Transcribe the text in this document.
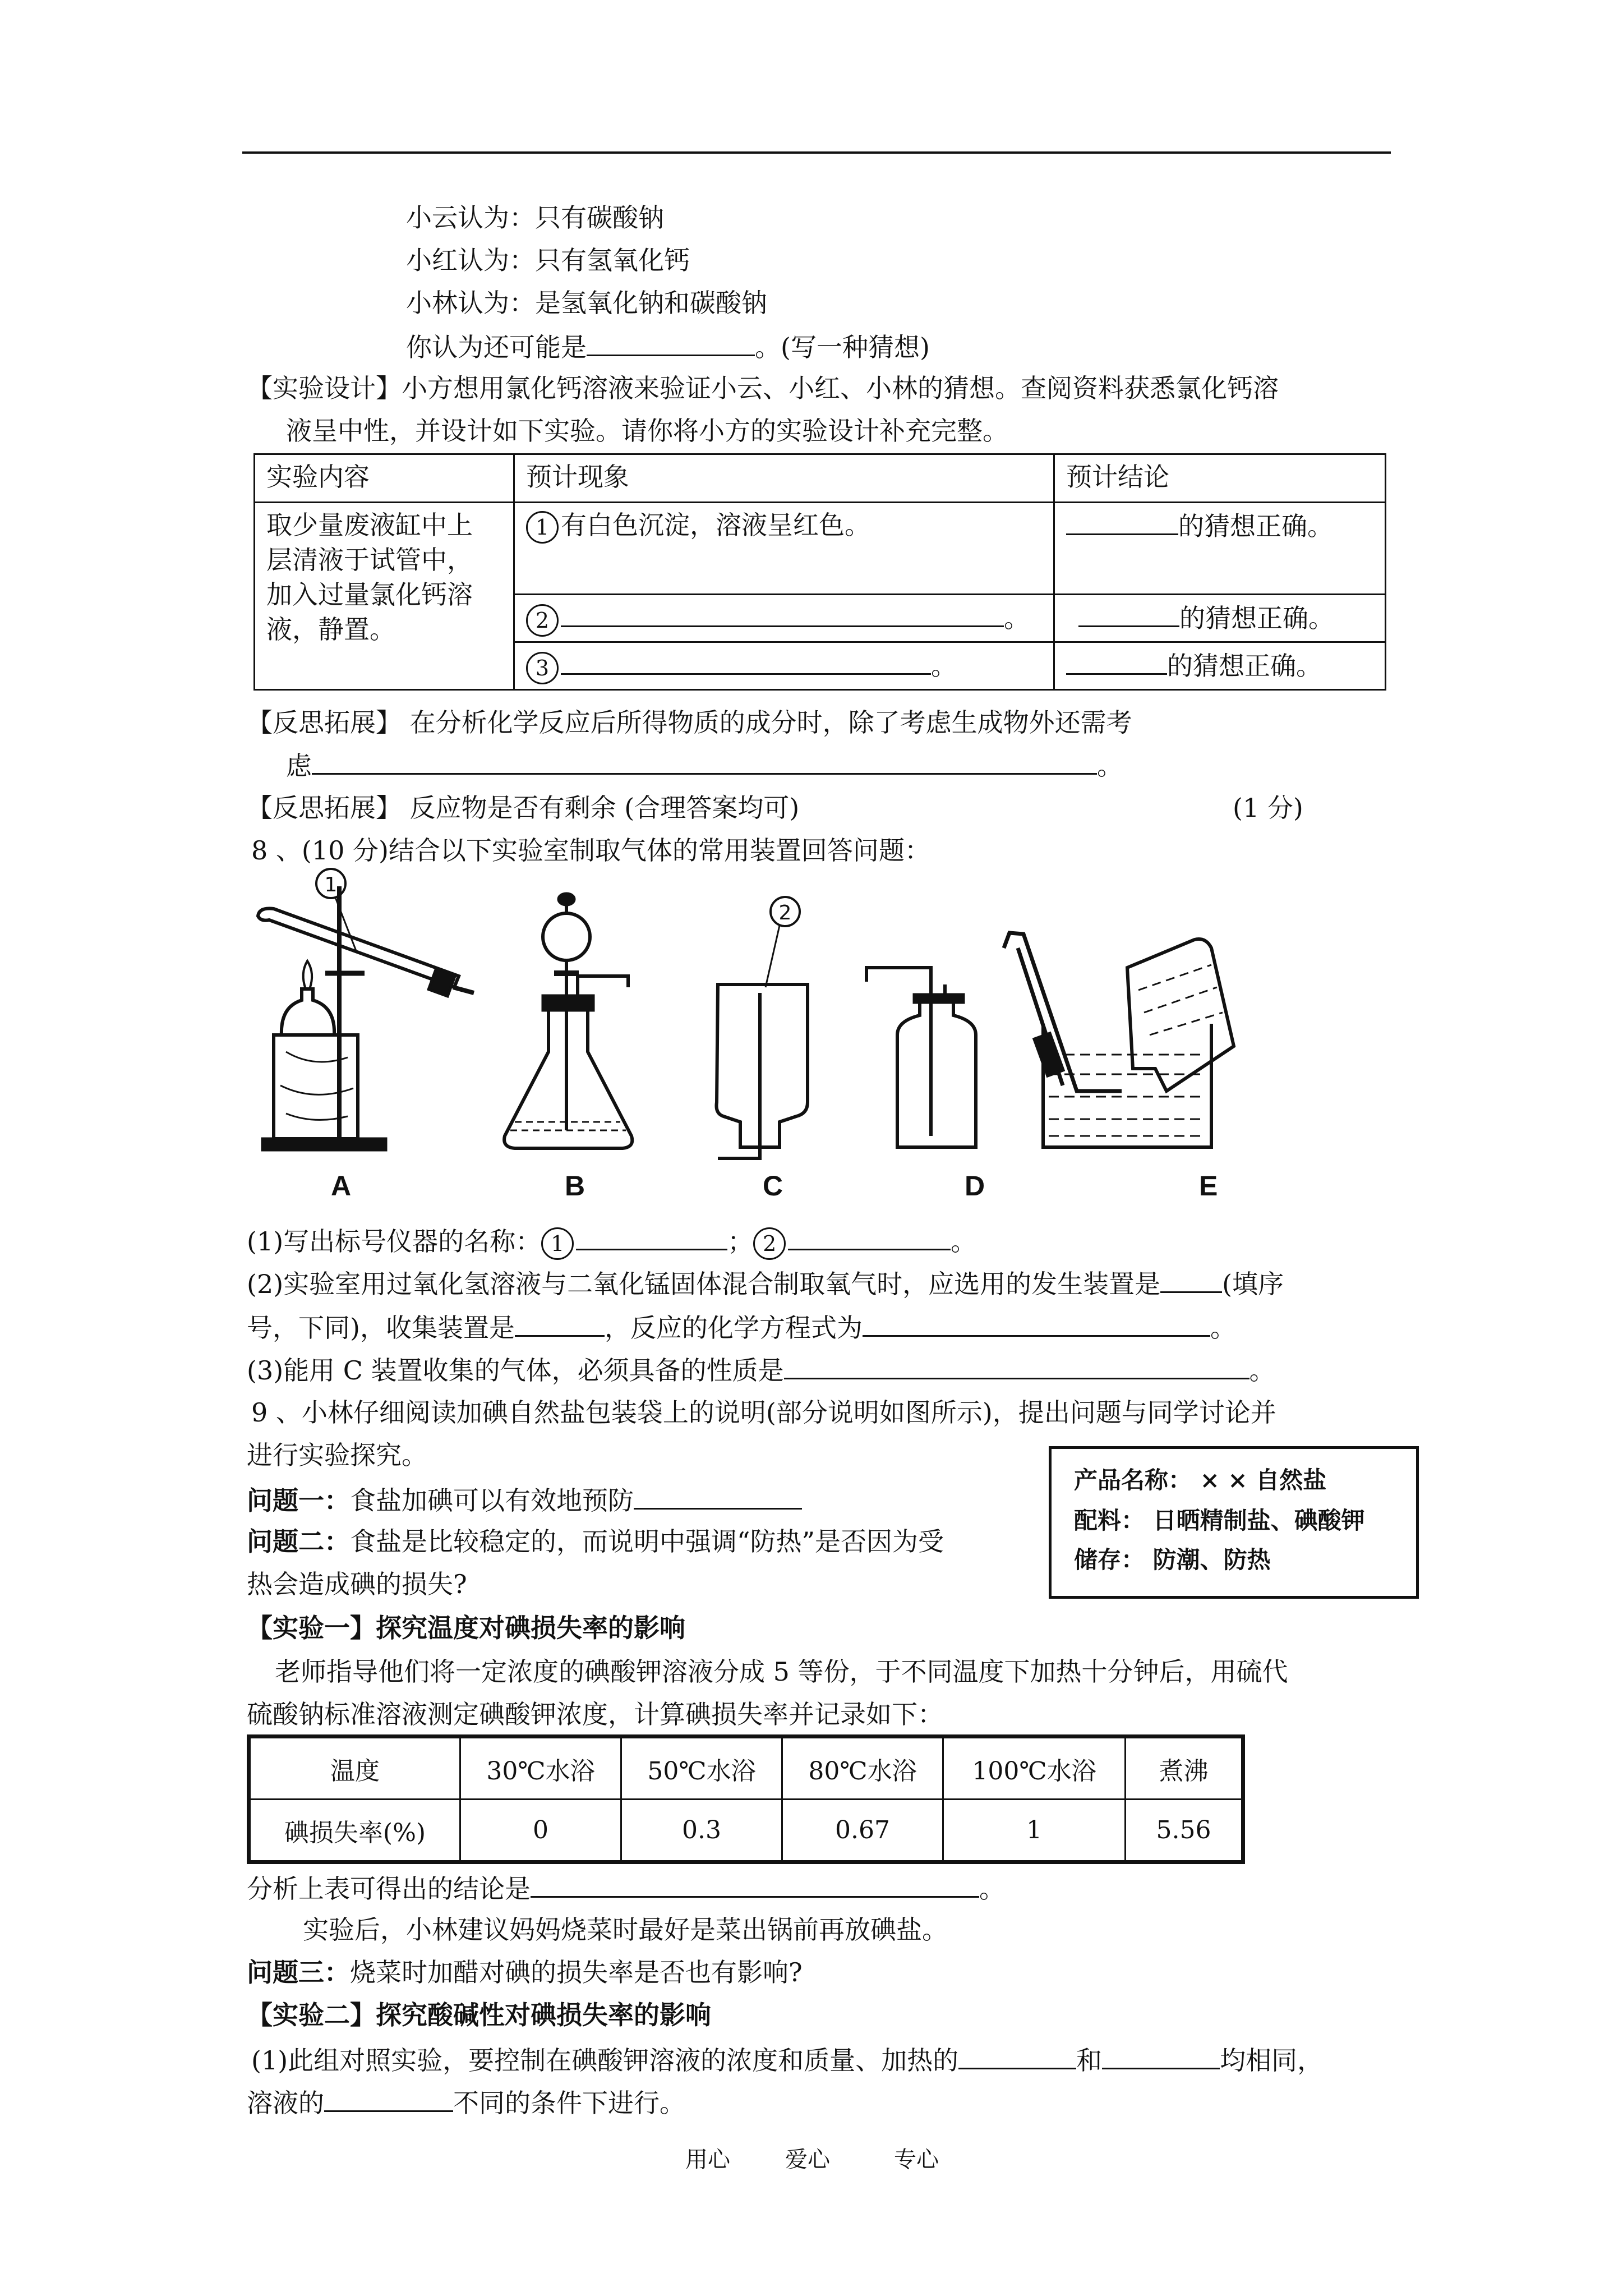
小云认为：只有碳酸钠
小红认为：只有氢氧化钙
小林认为：是氢氧化钠和碳酸钠
你认为还可能是	。(写一种猜想)
【实验设计】小方想用氯化钙溶液来验证小云、小红、小林的猜想。查阅资料获悉氯化钙溶
液呈中性，并设计如下实验。请你将小方的实验设计补充完整。
实验内容	预计现象	预计结论

取少量废液缸中上
层清液于试管中，
加入过量氯化钙溶
液，静置。	1 有白色沉淀，溶液呈红色。	的猜想正确。
	2 。	的猜想正确。
	3 。	的猜想正确。
【反思拓展】 在分析化学反应后所得物质的成分时，除了考虑生成物外还需考
虑	。
【反思拓展】 反应物是否有剩余 (合理答案均可)	(1 分)
8 、(10 分)结合以下实验室制取气体的常用装置回答问题：
1
2
A	B	C	D	E
(1)写出标号仪器的名称： 1	； 2	。
(2)实验室用过氧化氢溶液与二氧化锰固体混合制取氧气时，应选用的发生装置是 (填序
号，下同)，收集装置是	，反应的化学方程式为	。
(3)能用 C 装置收集的气体，必须具备的性质是	。
9 、小林仔细阅读加碘自然盐包装袋上的说明(部分说明如图所示)，提出问题与同学讨论并
进行实验探究。
问题一：食盐加碘可以有效地预防
问题二：食盐是比较稳定的，而说明中强调“防热”是否因为受
热会造成碘的损失?
产品名称： × × 自然盐
配料： 日晒精制盐、碘酸钾
储存： 防潮、防热
【实验一】探究温度对碘损失率的影响
老师指导他们将一定浓度的碘酸钾溶液分成 5 等份，于不同温度下加热十分钟后，用硫代
硫酸钠标准溶液测定碘酸钾浓度，计算碘损失率并记录如下：
温度	30℃水浴	50℃水浴	80℃水浴	100℃水浴	煮沸
碘损失率(%)	0	0.3	0.67	1	5.56
分析上表可得出的结论是	。
实验后，小林建议妈妈烧菜时最好是菜出锅前再放碘盐。
问题三：烧菜时加醋对碘的损失率是否也有影响?
【实验二】探究酸碱性对碘损失率的影响
(1)此组对照实验，要控制在碘酸钾溶液的浓度和质量、加热的	和	均相同，
溶液的	不同的条件下进行。
用心 爱心	专心
